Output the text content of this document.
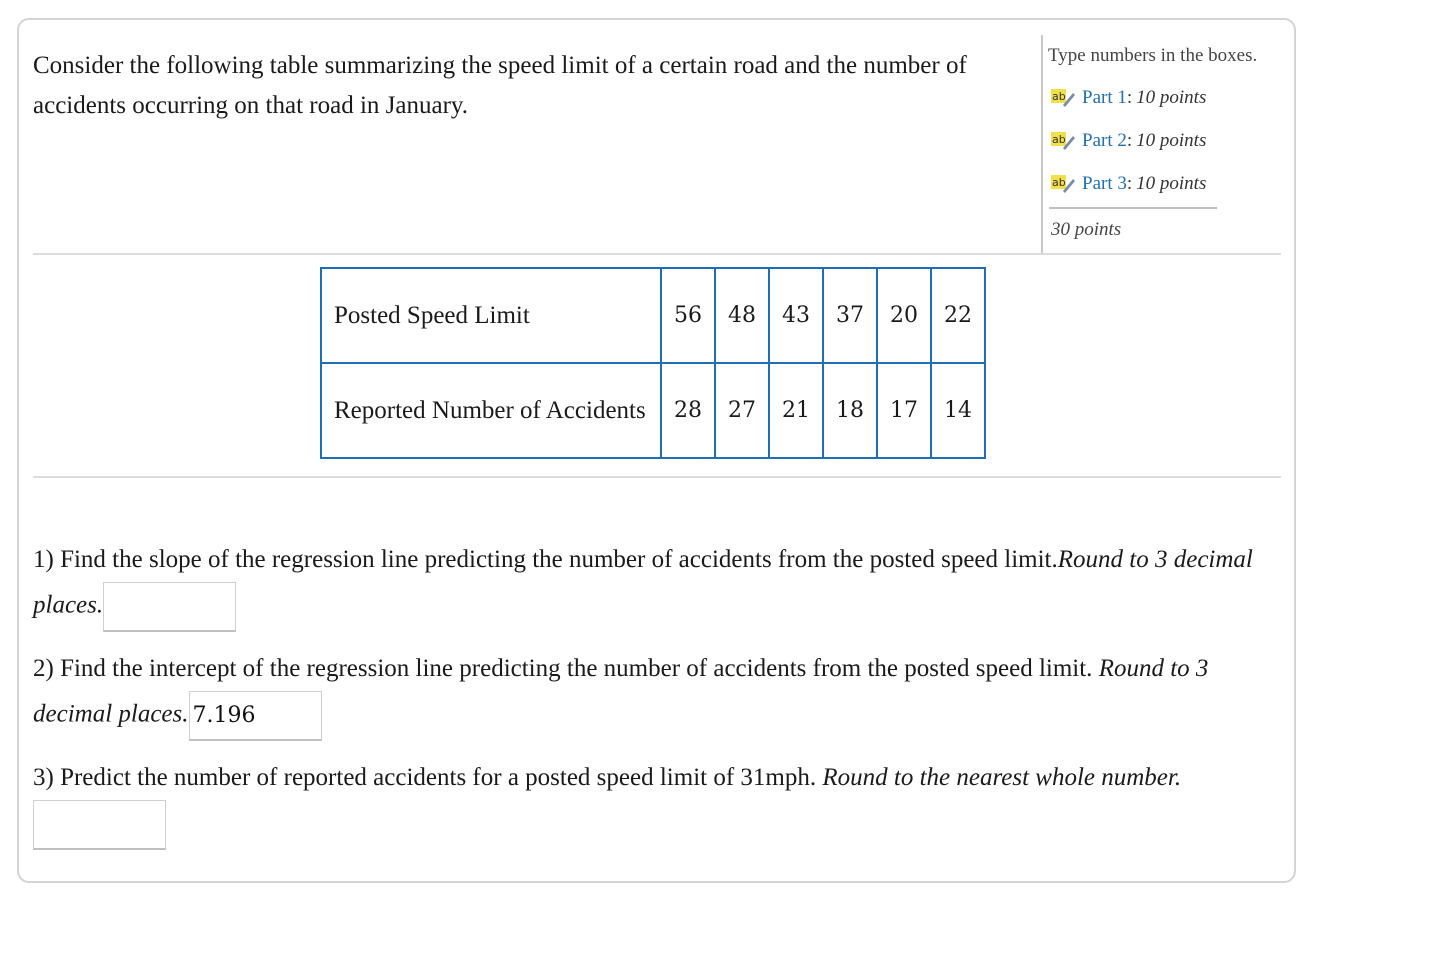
Consider the following table summarizing the speed limit of a certain road and the number of accidents occurring on that road in January.
Type numbers in the boxes.
ab Part 1 : 10 points
ab Part 2 : 10 points
ab Part 3 : 10 points
30 points
Posted Speed Limit	56	48	43	37	20	22
Reported Number of Accidents	28	27	21	18	17	14
1) Find the slope of the regression line predicting the number of accidents from the posted speed limit.Round to 3 decimal places.
2) Find the intercept of the regression line predicting the number of accidents from the posted speed limit. Round to 3 decimal places. 7.196
3) Predict the number of reported accidents for a posted speed limit of 31mph. Round to the nearest whole number.
